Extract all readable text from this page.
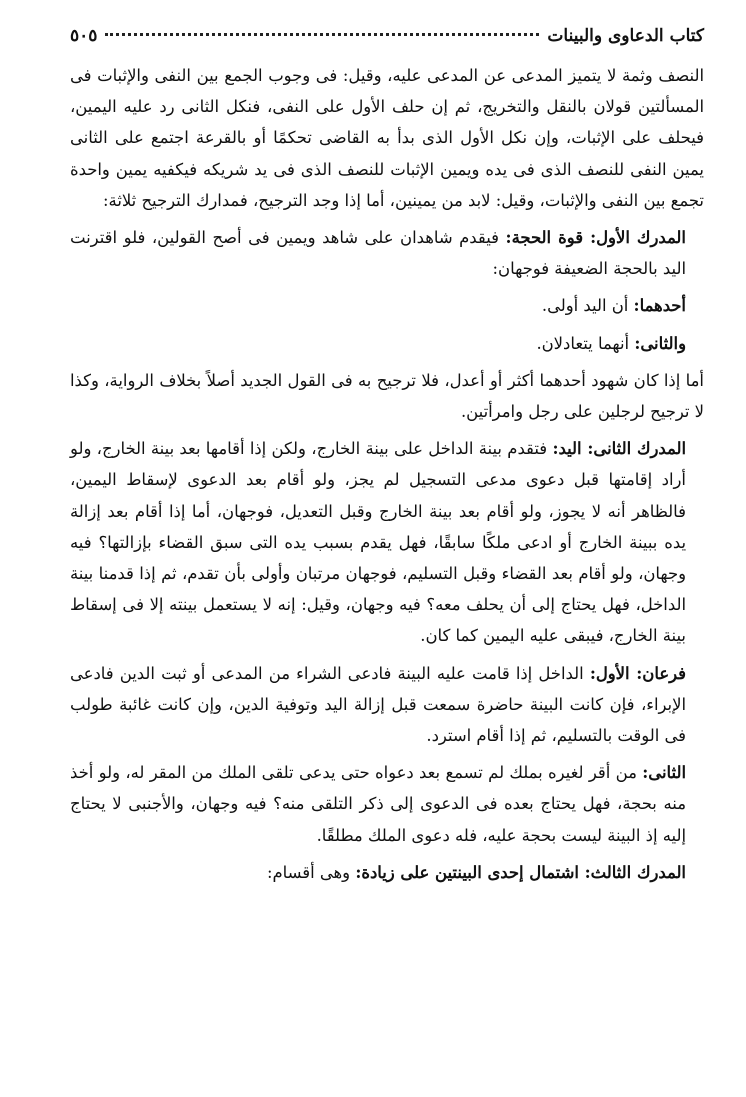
كتاب الدعاوى والبينات
٥٠٥

النصف وثمة لا يتميز المدعى عن المدعى عليه، وقيل: فى وجوب الجمع بين النفى والإثبات فى المسألتين قولان بالنقل والتخريج، ثم إن حلف الأول على النفى، فنكل الثانى رد عليه اليمين، فيحلف على الإثبات، وإن نكل الأول الذى بدأ به القاضى تحكمًا أو بالقرعة اجتمع على الثانى يمين النفى للنصف الذى فى يده ويمين الإثبات للنصف الذى فى يد شريكه فيكفيه يمين واحدة تجمع بين النفى والإثبات، وقيل: لابد من يمينين، أما إذا وجد الترجيح، فمدارك الترجيح ثلاثة:

المدرك الأول: قوة الحجة: فيقدم شاهدان على شاهد ويمين فى أصح القولين، فلو اقترنت اليد بالحجة الضعيفة فوجهان:

أحدهما: أن اليد أولى.

والثانى: أنهما يتعادلان.

أما إذا كان شهود أحدهما أكثر أو أعدل، فلا ترجيح به فى القول الجديد أصلاً بخلاف الرواية، وكذا لا ترجيح لرجلين على رجل وامرأتين.

المدرك الثانى: اليد: فتقدم بينة الداخل على بينة الخارج، ولكن إذا أقامها بعد بينة الخارج، ولو أراد إقامتها قبل دعوى مدعى التسجيل لم يجز، ولو أقام بعد الدعوى لإسقاط اليمين، فالظاهر أنه لا يجوز، ولو أقام بعد بينة الخارج وقبل التعديل، فوجهان، أما إذا أقام بعد إزالة يده ببينة الخارج أو ادعى ملكًا سابقًا، فهل يقدم بسبب يده التى سبق القضاء بإزالتها؟ فيه وجهان، ولو أقام بعد القضاء وقبل التسليم، فوجهان مرتبان وأولى بأن تقدم، ثم إذا قدمنا بينة الداخل، فهل يحتاج إلى أن يحلف معه؟ فيه وجهان، وقيل: إنه لا يستعمل بينته إلا فى إسقاط بينة الخارج، فيبقى عليه اليمين كما كان.

فرعان: الأول: الداخل إذا قامت عليه البينة فادعى الشراء من المدعى أو ثبت الدين فادعى الإبراء، فإن كانت البينة حاضرة سمعت قبل إزالة اليد وتوفية الدين، وإن كانت غائبة طولب فى الوقت بالتسليم، ثم إذا أقام استرد.

الثانى: من أقر لغيره بملك لم تسمع بعد دعواه حتى يدعى تلقى الملك من المقر له، ولو أخذ منه بحجة، فهل يحتاج بعده فى الدعوى إلى ذكر التلقى منه؟ فيه وجهان، والأجنبى لا يحتاج إليه إذ البينة ليست بحجة عليه، فله دعوى الملك مطلقًا.

المدرك الثالث: اشتمال إحدى البينتين على زيادة: وهى أقسام:
